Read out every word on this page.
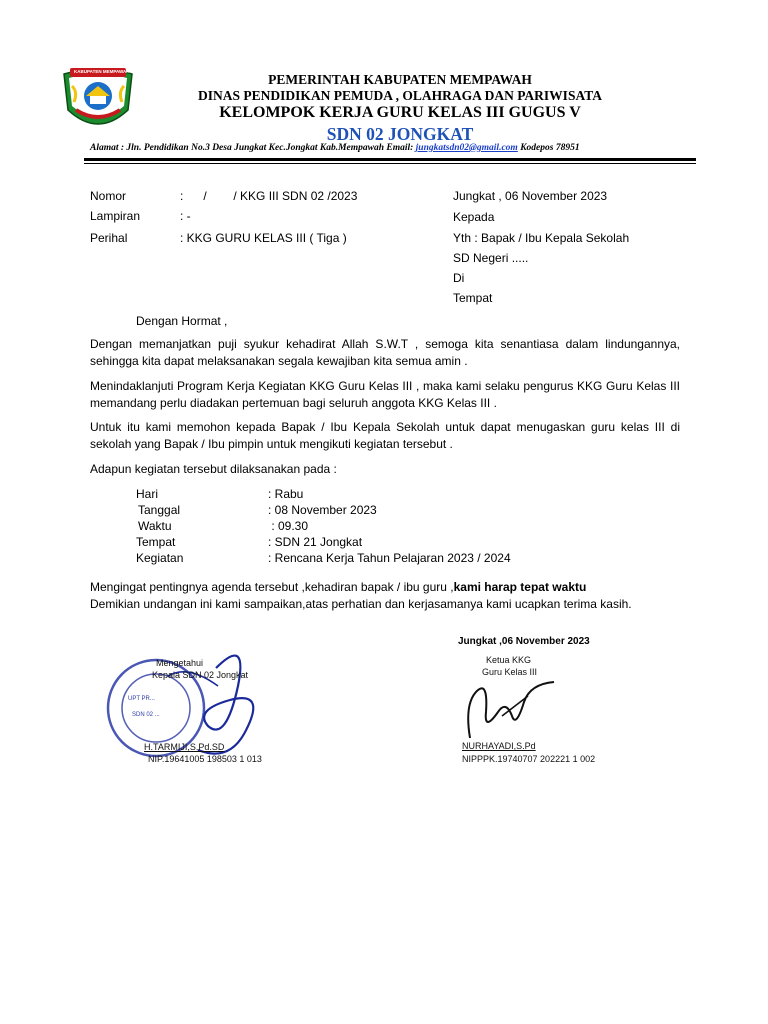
KABUPATEN MEMPAWAH
PEMERINTAH KABUPATEN MEMPAWAH
DINAS PENDIDIKAN PEMUDA , OLAHRAGA DAN PARIWISATA
KELOMPOK KERJA GURU KELAS III GUGUS V
SDN 02 JONGKAT
Alamat : Jln. Pendidikan No.3 Desa Jungkat Kec.Jongkat Kab.Mempawah Email: jungkatsdn02@gmail.com Kodepos 78951
Nomor	:      /        / KKG III SDN 02 /2023
Lampiran	: -
Perihal	: KKG GURU KELAS III ( Tiga )
Jungkat , 06 November 2023
Kepada
Yth : Bapak / Ibu Kepala Sekolah
SD Negeri .....
Di
Tempat
Dengan Hormat ,
Dengan memanjatkan puji syukur kehadirat Allah S.W.T , semoga kita senantiasa dalam lindungannya, sehingga kita dapat melaksanakan segala kewajiban kita semua amin .
Menindaklanjuti Program Kerja Kegiatan KKG Guru Kelas III , maka kami selaku pengurus KKG Guru Kelas III memandang perlu diadakan pertemuan bagi seluruh anggota KKG Kelas III .
Untuk itu kami memohon kepada Bapak / Ibu Kepala Sekolah untuk dapat menugaskan guru kelas III di sekolah yang Bapak / Ibu pimpin untuk mengikuti kegiatan tersebut .
Adapun kegiatan tersebut dilaksanakan pada :
Hari	: Rabu
Tanggal	: 08 November 2023
Waktu	: 09.30
Tempat	: SDN 21 Jongkat
Kegiatan	: Rencana Kerja Tahun Pelajaran 2023 / 2024
Mengingat pentingnya agenda tersebut ,kehadiran bapak / ibu guru ,kami harap tepat waktu
Demikian undangan ini kami sampaikan,atas perhatian dan kerjasamanya kami ucapkan terima kasih.
Jungkat ,06 November 2023
UPT PR...
SDN 02 ...
Mengetahui
Kepala SDN 02 Jongkat
H.TARMIJI,S.Pd.SD
NIP.19641005 198503 1 013
Ketua KKG
Guru Kelas III
NURHAYADI,S.Pd
NIPPPK.19740707 202221 1 002
